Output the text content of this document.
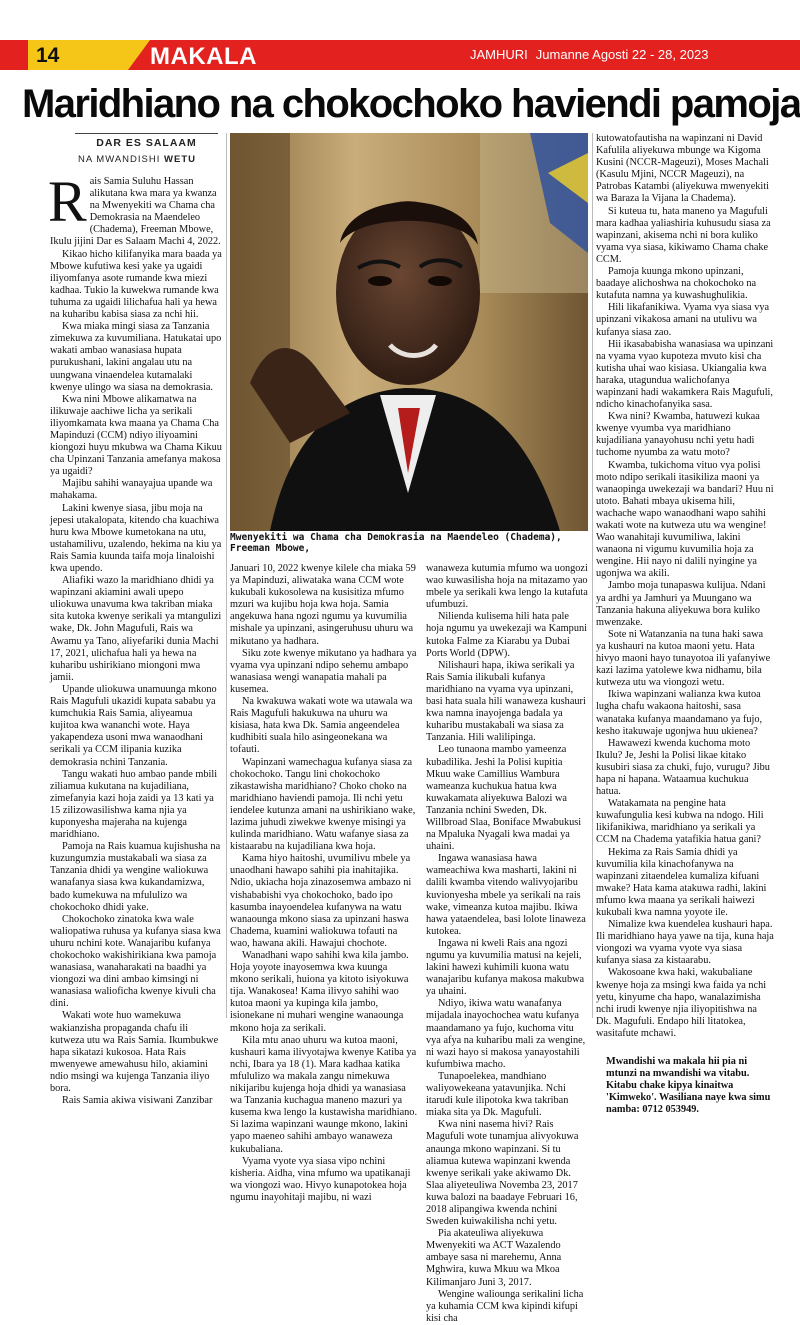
14	MAKALA	JAMHURI Jumanne Agosti 22 - 28, 2023
Maridhiano na chokochoko haviendi pamoja
DAR ES SALAAM
NA MWANDISHI WETU
Mwenyekiti wa Chama cha Demokrasia na Maendeleo (Chadema), Freeman Mbowe,

Rais Samia Suluhu Hassan alikutana kwa mara ya kwanza na Mwenyekiti wa Chama cha Demokrasia na Maendeleo (Chadema), Freeman Mbowe, Ikulu jijini Dar es Salaam Machi 4, 2022.

Kikao hicho kilifanyika mara baada ya Mbowe kufutiwa kesi yake ya ugaidi iliyomfanya asote rumande kwa miezi kadhaa. Tukio la kuwekwa rumande kwa tuhuma za ugaidi lilichafua hali ya hewa na kuharibu kabisa siasa za nchi hii.

Kwa miaka mingi siasa za Tanzania zimekuwa za kuvumiliana. Hatukatai upo wakati ambao wanasiasa hupata purukushani, lakini angalau utu na uungwana vinaendelea kutamalaki kwenye ulingo wa siasa na demokrasia.

Kwa nini Mbowe alikamatwa na ilikuwaje aachiwe licha ya serikali iliyomkamata kwa maana ya Chama Cha Mapinduzi (CCM) ndiyo iliyoamini kiongozi huyu mkubwa wa Chama Kikuu cha Upinzani Tanzania amefanya makosa ya ugaidi?

Majibu sahihi wanayajua upande wa mahakama.

Lakini kwenye siasa, jibu moja na jepesi utakalopata, kitendo cha kuachiwa huru kwa Mbowe kumetokana na utu, ustahamilivu, uzalendo, hekima na kiu ya Rais Samia kuunda taifa moja linaloishi kwa upendo.

Aliafiki wazo la maridhiano dhidi ya wapinzani akiamini awali upepo uliokuwa unavuma kwa takriban miaka sita kutoka kwenye serikali ya mtangulizi wake, Dk. John Magufuli, Rais wa Awamu ya Tano, aliyefariki dunia Machi 17, 2021, ulichafua hali ya hewa na kuharibu ushirikiano miongoni mwa jamii.

Upande uliokuwa unamuunga mkono Rais Magufuli ukazidi kupata sababu ya kumchukia Rais Samia, aliyeamua kujitoa kwa wananchi wote. Haya yakapendeza usoni mwa wanaodhani serikali ya CCM ilipania kuzika demokrasia nchini Tanzania.

Tangu wakati huo ambao pande mbili ziliamua kukutana na kujadiliana, zimefanyia kazi hoja zaidi ya 13 kati ya 15 zilizowasilishwa kama njia ya kuponyesha majeraha na kujenga maridhiano.

Pamoja na Rais kuamua kujishusha na kuzungumzia mustakabali wa siasa za Tanzania dhidi ya wengine waliokuwa wanafanya siasa kwa kukandamizwa, bado kumekuwa na mfululizo wa chokochoko dhidi yake.

Chokochoko zinatoka kwa wale waliopatiwa ruhusa ya kufanya siasa kwa uhuru nchini kote. Wanajaribu kufanya chokochoko wakishirikiana kwa pamoja wanasiasa, wanaharakati na baadhi ya viongozi wa dini ambao kimsingi ni wanasiasa walioficha kwenye kivuli cha dini.

Wakati wote huo wamekuwa wakianzisha propaganda chafu ili kutweza utu wa Rais Samia. Ikumbukwe hapa sikatazi kukosoa. Hata Rais mwenyewe amewahusu hilo, akiamini ndio msingi wa kujenga Tanzania iliyo bora.

Rais Samia akiwa visiwani Zanzibar

Januari 10, 2022 kwenye kilele cha miaka 59 ya Mapinduzi, aliwataka wana CCM wote kukubali kukosolewa na kusisitiza mfumo mzuri wa kujibu hoja kwa hoja. Samia angekuwa hana ngozi ngumu ya kuvumilia mishale ya upinzani, asingeruhusu uhuru wa mikutano ya hadhara.

Siku zote kwenye mikutano ya hadhara ya vyama vya upinzani ndipo sehemu ambapo wanasiasa wengi wanapatia mahali pa kusemea.

Na kwakuwa wakati wote wa utawala wa Rais Magufuli hakukuwa na uhuru wa kisiasa, hata kwa Dk. Samia angeendelea kudhibiti suala hilo asingeonekana wa tofauti.

Wapinzani wamechagua kufanya siasa za chokochoko. Tangu lini chokochoko zikastawisha maridhiano? Choko choko na maridhiano haviendi pamoja. Ili nchi yetu iendelee kutunza amani na ushirikiano wake, lazima juhudi ziwekwe kwenye misingi ya kulinda maridhiano. Watu wafanye siasa za kistaarabu na kujadiliana kwa hoja.

Kama hiyo haitoshi, uvumilivu mbele ya unaodhani hawapo sahihi pia inahitajika. Ndio, ukiacha hoja zinazosemwa ambazo ni vishababishi vya chokochoko, bado ipo kasumba inayoendelea kufanywa na watu wanaounga mkono siasa za upinzani haswa Chadema, kuamini waliokuwa tofauti na wao, hawana akili. Hawajui chochote.

Wanadhani wapo sahihi kwa kila jambo. Hoja yoyote inayosemwa kwa kuunga mkono serikali, huiona ya kitoto isiyokuwa tija. Wanakosea! Kama ilivyo sahihi wao kutoa maoni ya kupinga kila jambo, isionekane ni muhari wengine wanaounga mkono hoja za serikali.

Kila mtu anao uhuru wa kutoa maoni, kushauri kama ilivyotajwa kwenye Katiba ya nchi, Ibara ya 18 (1). Mara kadhaa katika mfululizo wa makala zangu nimekuwa nikijaribu kujenga hoja dhidi ya wanasiasa wa Tanzania kuchagua maneno mazuri ya kusema kwa lengo la kustawisha maridhiano. Si lazima wapinzani waunge mkono, lakini yapo maeneo sahihi ambayo wanaweza kukubaliana.

Vyama vyote vya siasa vipo nchini kisheria. Aidha, vina mfumo wa upatikanaji wa viongozi wao. Hivyo kunapotokea hoja ngumu inayohitaji majibu, ni wazi

wanaweza kutumia mfumo wa uongozi wao kuwasilisha hoja na mitazamo yao mbele ya serikali kwa lengo la kutafuta ufumbuzi.

Nilienda kulisema hili hata pale hoja ngumu ya uwekezaji wa Kampuni kutoka Falme za Kiarabu ya Dubai Ports World (DPW).

Nilishauri hapa, ikiwa serikali ya Rais Samia ilikubali kufanya maridhiano na vyama vya upinzani, basi hata suala hili wanaweza kushauri kwa namna inayojenga badala ya kuharibu mustakabali wa siasa za Tanzania. Hili walilipinga.

Leo tunaona mambo yameenza kubadilika. Jeshi la Polisi kupitia Mkuu wake Camillius Wambura wameanza kuchukua hatua kwa kuwakamata aliyekuwa Balozi wa Tanzania nchini Sweden, Dk. Willbroad Slaa, Boniface Mwabukusi na Mpaluka Nyagali kwa madai ya uhaini.

Ingawa wanasiasa hawa wameachiwa kwa masharti, lakini ni dalili kwamba vitendo walivyojaribu kuvionyesha mbele ya serikali na rais wake, vimeanza kutoa majibu. Ikiwa hawa yataendelea, basi lolote linaweza kutokea.

Ingawa ni kweli Rais ana ngozi ngumu ya kuvumilia matusi na kejeli, lakini hawezi kuhimili kuona watu wanajaribu kufanya makosa makubwa ya uhaini.

Ndiyo, ikiwa watu wanafanya mijadala inayochochea watu kufanya maandamano ya fujo, kuchoma vitu vya afya na kuharibu mali za wengine, ni wazi hayo si makosa yanayostahili kufumbiwa macho.

Tunapoelekea, mandhiano waliyowekeana yatavunjika. Nchi itarudi kule ilipotoka kwa takriban miaka sita ya Dk. Magufuli.

Kwa nini nasema hivi? Rais Magufuli wote tunamjua alivyokuwa anaunga mkono wapinzani. Si tu aliamua kutewa wapinzani kwenda kwenye serikali yake akiwamo Dk. Slaa aliyeteuliwa Novemba 23, 2017 kuwa balozi na baadaye Februari 16, 2018 alipangiwa kwenda nchini Sweden kuiwakilisha nchi yetu.

Pia akateuliwa aliyekuwa Mwenyekiti wa ACT Wazalendo ambaye sasa ni marehemu, Anna Mghwira, kuwa Mkuu wa Mkoa Kilimanjaro Juni 3, 2017.

Wengine waliounga serikalini licha ya kuhamia CCM kwa kipindi kifupi kisi cha

kutowatofautisha na wapinzani ni David Kafulila aliyekuwa mbunge wa Kigoma Kusini (NCCR-Mageuzi), Moses Machali (Kasulu Mjini, NCCR Mageuzi), na Patrobas Katambi (aliyekuwa mwenyekiti wa Baraza la Vijana la Chadema).

Si kuteua tu, hata maneno ya Magufuli mara kadhaa yaliashiria kuhusudu siasa za wapinzani, akisema nchi ni bora kuliko vyama vya siasa, kikiwamo Chama chake CCM.

Pamoja kuunga mkono upinzani, baadaye alichoshwa na chokochoko na kutafuta namna ya kuwashughulikia.

Hili likafanikiwa. Vyama vya siasa vya upinzani vikakosa amani na utulivu wa kufanya siasa zao.

Hii ikasababisha wanasiasa wa upinzani na vyama vyao kupoteza mvuto kisi cha kutisha uhai wao kisiasa. Ukiangalia kwa haraka, utagundua walichofanya wapinzani hadi wakamkera Rais Magufuli, ndicho kinachofanyika sasa.

Kwa nini? Kwamba, hatuwezi kukaa kwenye vyumba vya maridhiano kujadiliana yanayohusu nchi yetu hadi tuchome nyumba za watu moto?

Kwamba, tukichoma vituo vya polisi moto ndipo serikali itasikiliza maoni ya wanaopinga uwekezaji wa bandari? Huu ni utoto. Bahati mbaya ukisema hili, wachache wapo wanaodhani wapo sahihi wakati wote na kutweza utu wa wengine! Wao wanahitaji kuvumiliwa, lakini wanaona ni vigumu kuvumilia hoja za wengine. Hii nayo ni dalili nyingine ya ugonjwa wa akili.

Jambo moja tunapaswa kulijua. Ndani ya ardhi ya Jamhuri ya Muungano wa Tanzania hakuna aliyekuwa bora kuliko mwenzake.

Sote ni Watanzania na tuna haki sawa ya kushauri na kutoa maoni yetu. Hata hivyo maoni hayo tunayotoa ili yafanyiwe kazi lazima yatolewe kwa nidhamu, bila kutweza utu wa viongozi wetu.

Ikiwa wapinzani walianza kwa kutoa lugha chafu wakaona haitoshi, sasa wanataka kufanya maandamano ya fujo, kesho itakuwaje ugonjwa huu ukienea?

Hawawezi kwenda kuchoma moto Ikulu? Je, Jeshi la Polisi likae kitako kusubiri siasa za chuki, fujo, vurugu? Jibu hapa ni hapana. Wataamua kuchukua hatua.

Watakamata na pengine hata kuwafungulia kesi kubwa na ndogo. Hili likifanikiwa, maridhiano ya serikali ya CCM na Chadema yatafikia hatua gani?

Hekima za Rais Samia dhidi ya kuvumilia kila kinachofanywa na wapinzani zitaendelea kumaliza kifuani mwake? Hata kama atakuwa radhi, lakini mfumo kwa maana ya serikali haiwezi kukubali kwa namna yoyote ile.

Nimalize kwa kuendelea kushauri hapa. Ili maridhiano haya yawe na tija, kuna haja viongozi wa vyama vyote vya siasa kufanya siasa za kistaarabu.

Wakosoane kwa haki, wakubaliane kwenye hoja za msingi kwa faida ya nchi yetu, kinyume cha hapo, wanalazimisha nchi irudi kwenye njia iliyopitishwa na Dk. Magufuli. Endapo hili litatokea, wasitafute mchawi.

Mwandishi wa makala hii pia ni mtunzi na mwandishi wa vitabu. Kitabu chake kipya kinaitwa 'Kimweko'. Wasiliana naye kwa simu namba: 0712 053949.
